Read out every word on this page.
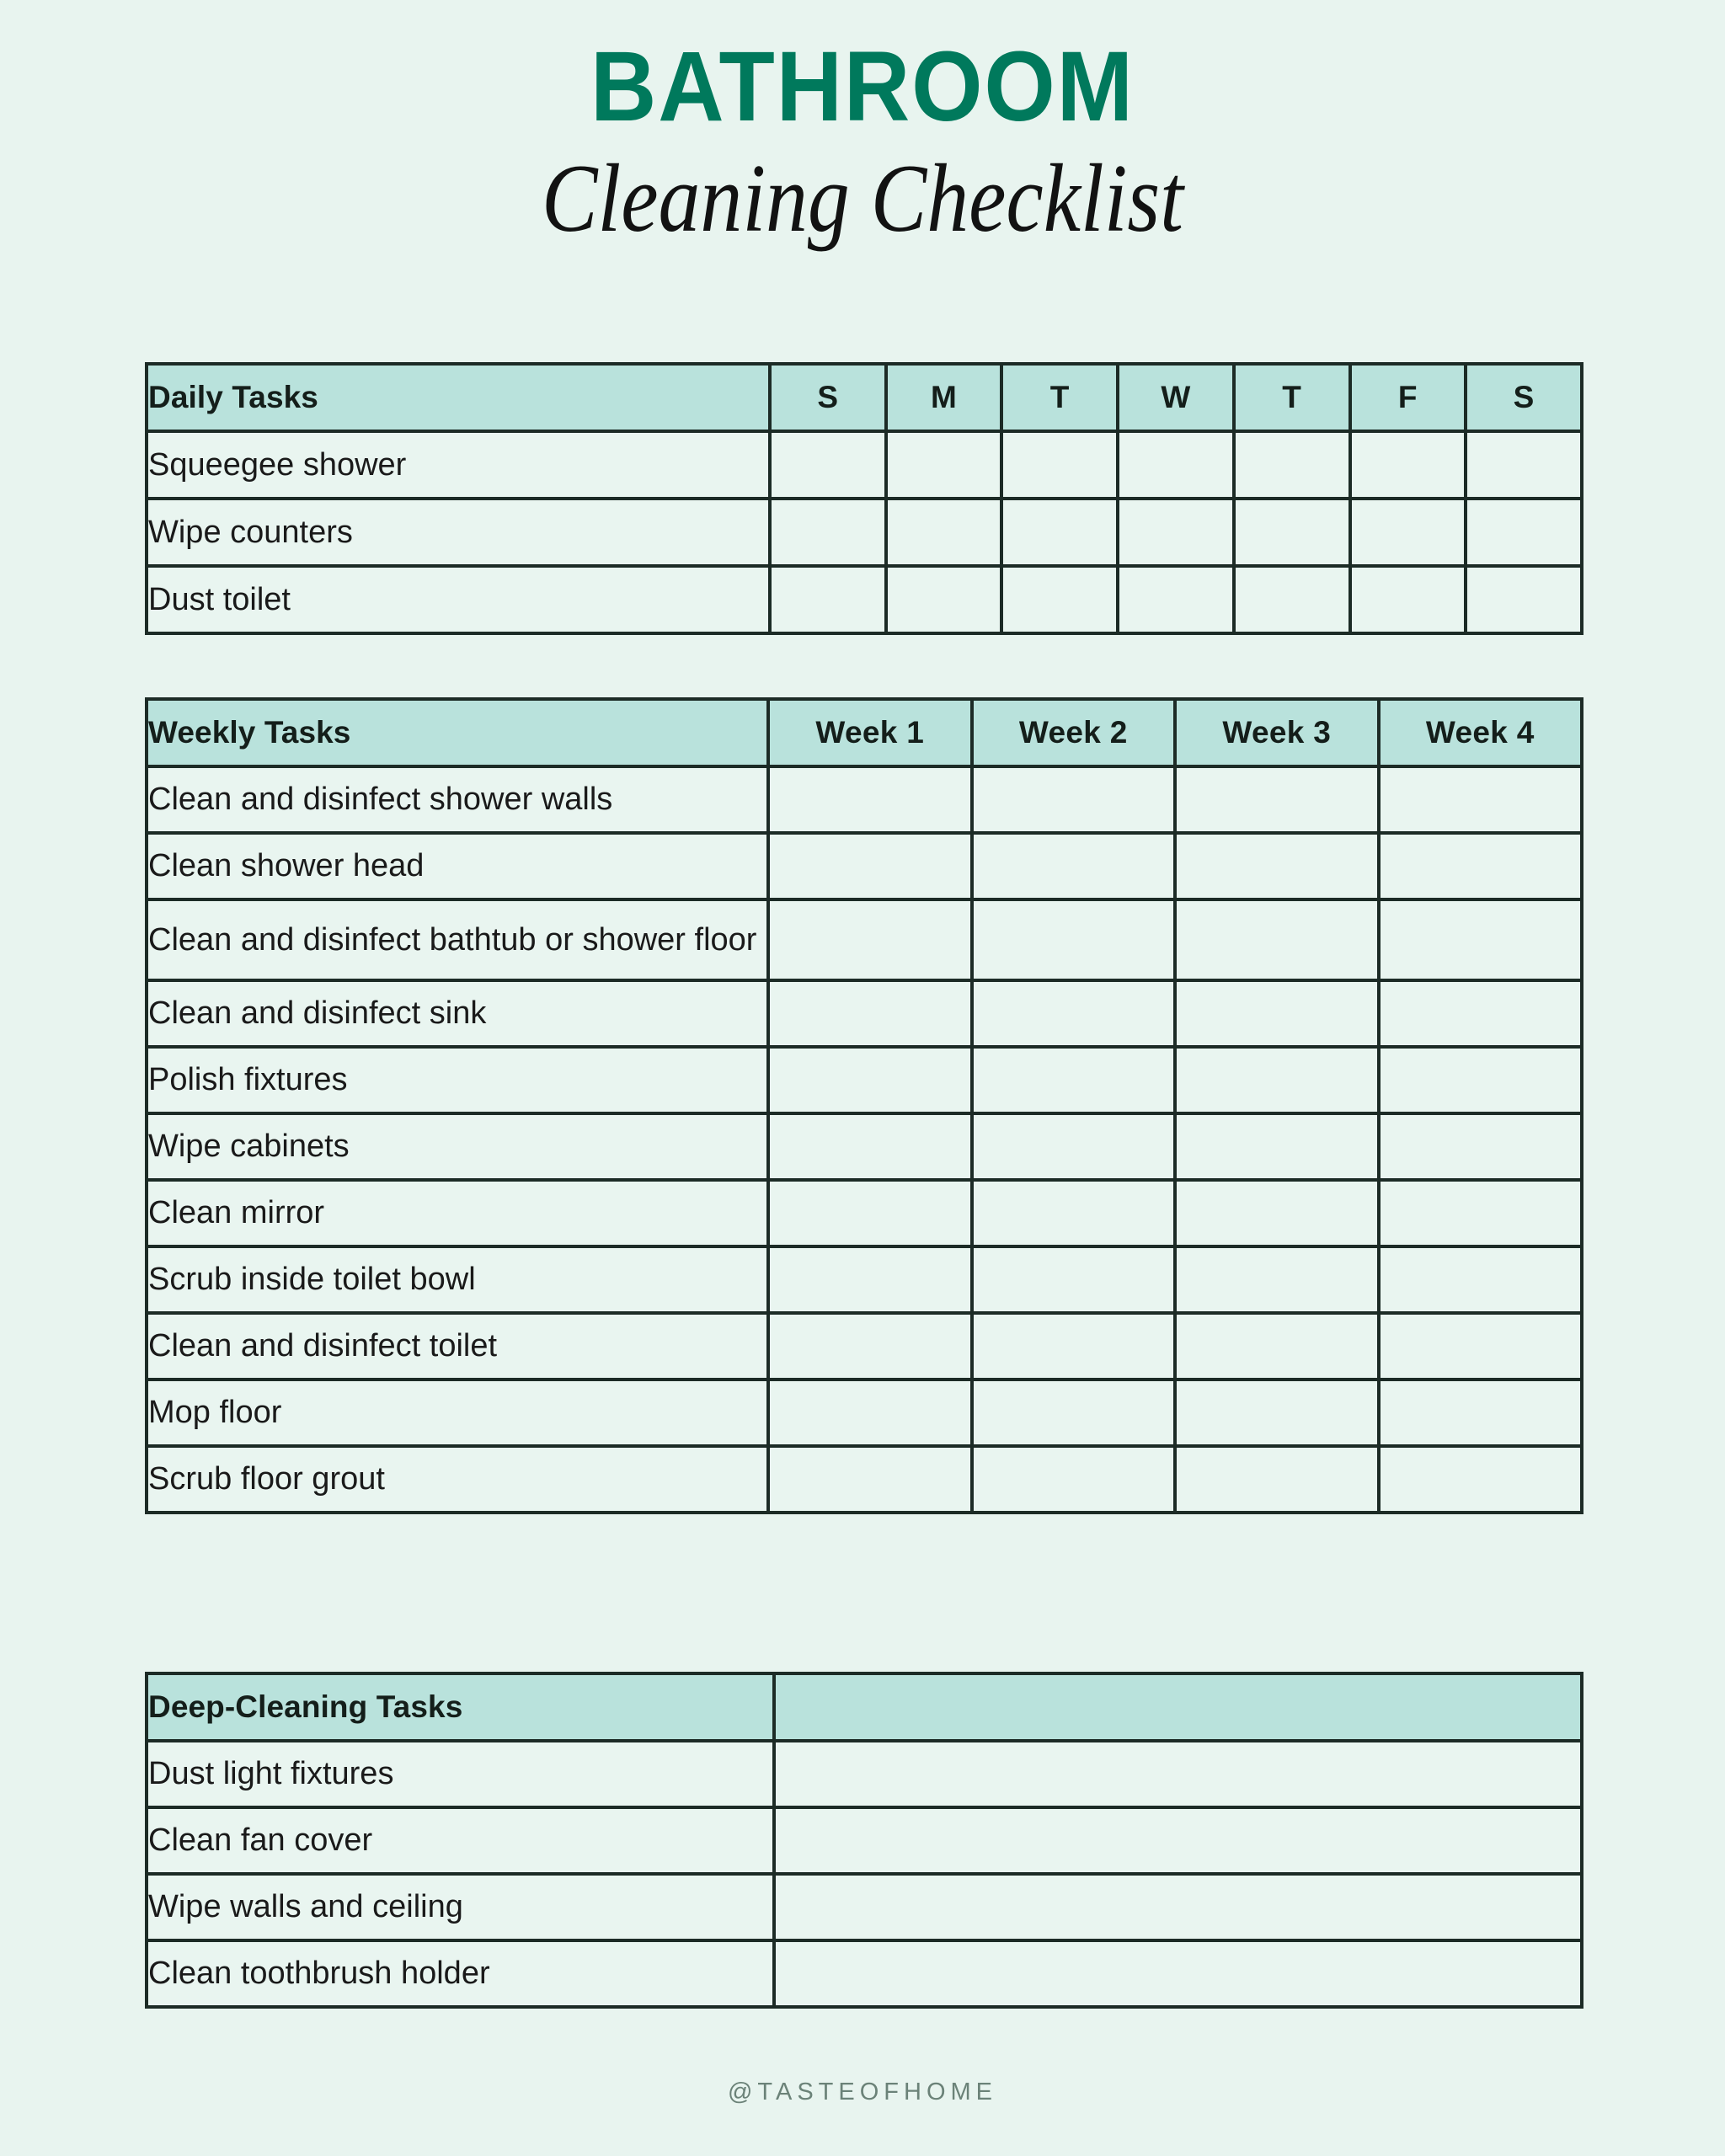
BATHROOM
Cleaning Checklist
Daily Tasks	S	M	T	W	T	F	S
Squeegee shower							
Wipe counters							
Dust toilet							
Weekly Tasks	Week 1	Week 2	Week 3	Week 4
Clean and disinfect shower walls				
Clean shower head				
Clean and disinfect bathtub or shower floor				
Clean and disinfect sink				
Polish fixtures				
Wipe cabinets				
Clean mirror				
Scrub inside toilet bowl				
Clean and disinfect toilet				
Mop floor				
Scrub floor grout				
Deep-Cleaning Tasks	
Dust light fixtures	
Clean fan cover	
Wipe walls and ceiling	
Clean toothbrush holder	
@TASTEOFHOME
